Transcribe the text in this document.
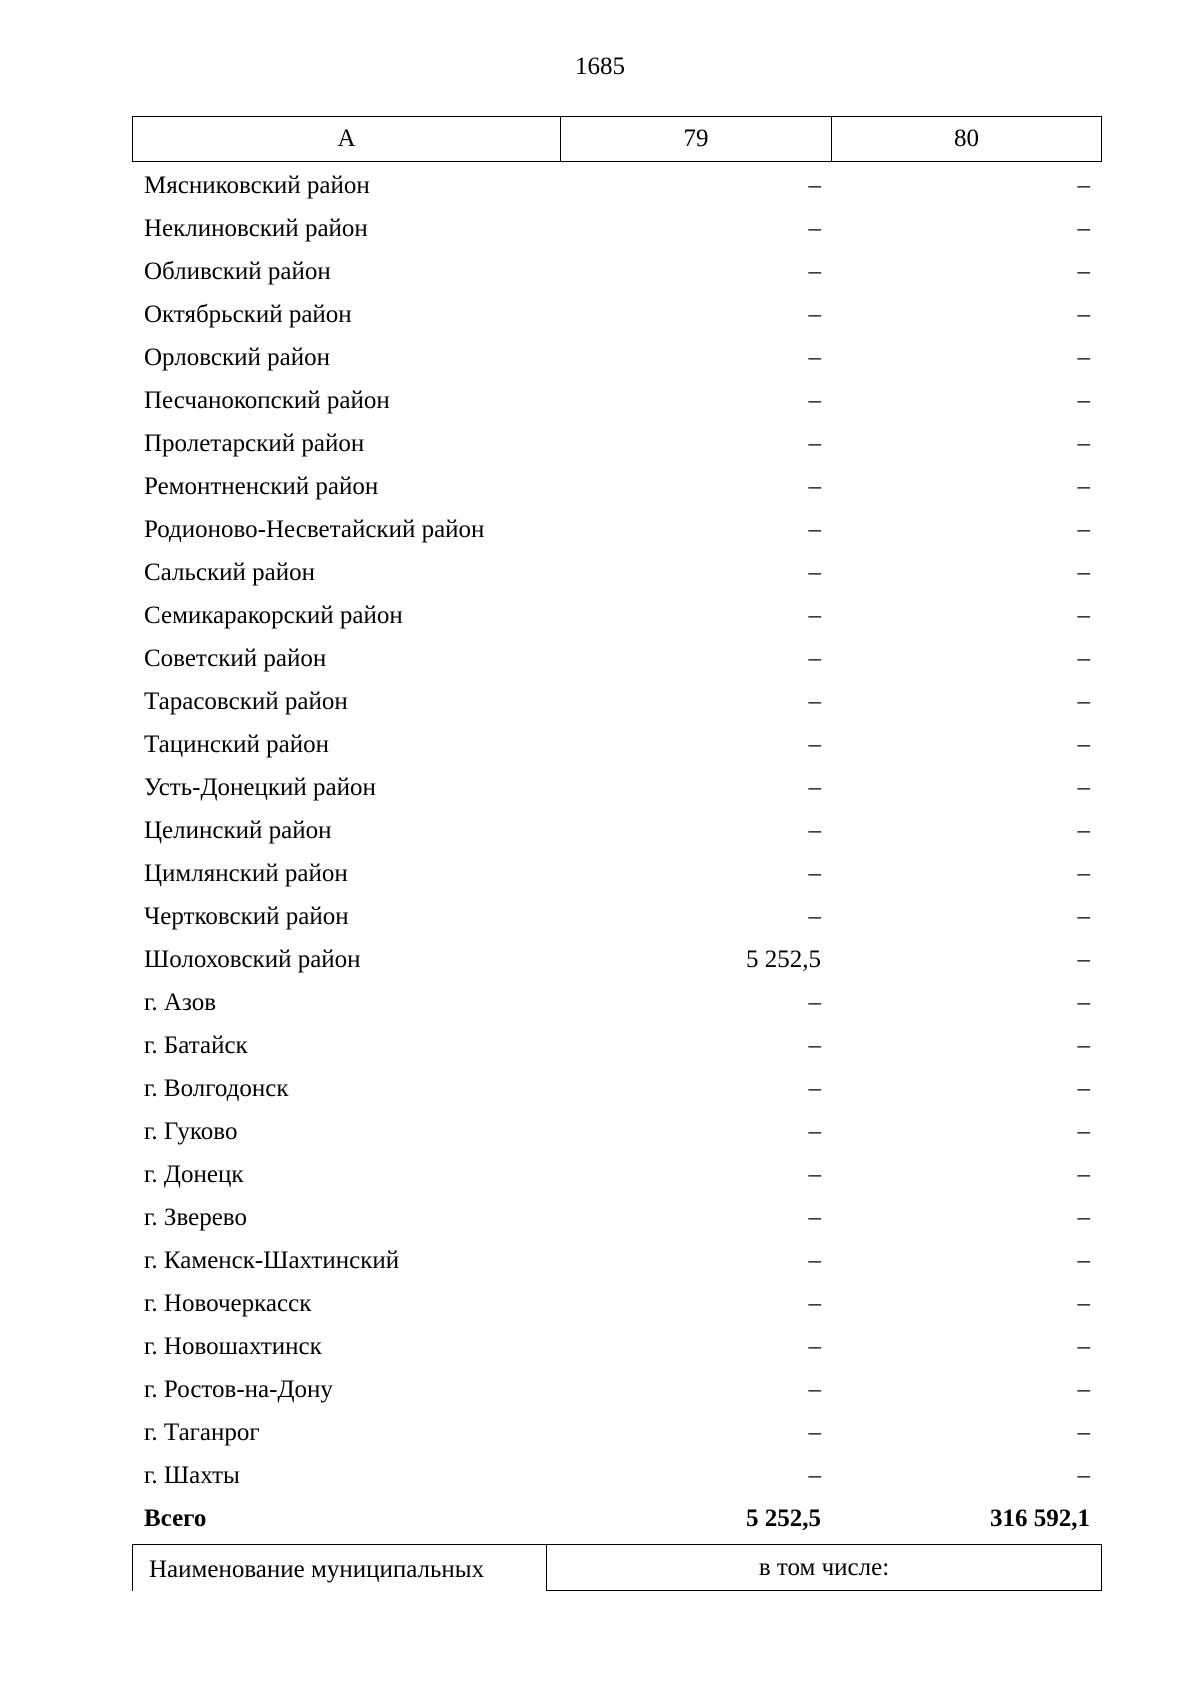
1685
А	79	80
Мясниковский район	–	–
Неклиновский район	–	–
Обливский район	–	–
Октябрьский район	–	–
Орловский район	–	–
Песчанокопский район	–	–
Пролетарский район	–	–
Ремонтненский район	–	–
Родионово-Несветайский район	–	–
Сальский район	–	–
Семикаракорский район	–	–
Советский район	–	–
Тарасовский район	–	–
Тацинский район	–	–
Усть-Донецкий район	–	–
Целинский район	–	–
Цимлянский район	–	–
Чертковский район	–	–
Шолоховский район	5 252,5	–
г. Азов	–	–
г. Батайск	–	–
г. Волгодонск	–	–
г. Гуково	–	–
г. Донецк	–	–
г. Зверево	–	–
г. Каменск-Шахтинский	–	–
г. Новочеркасск	–	–
г. Новошахтинск	–	–
г. Ростов-на-Дону	–	–
г. Таганрог	–	–
г. Шахты	–	–
Всего	5 252,5	316 592,1
Наименование муниципальных	в том числе:
